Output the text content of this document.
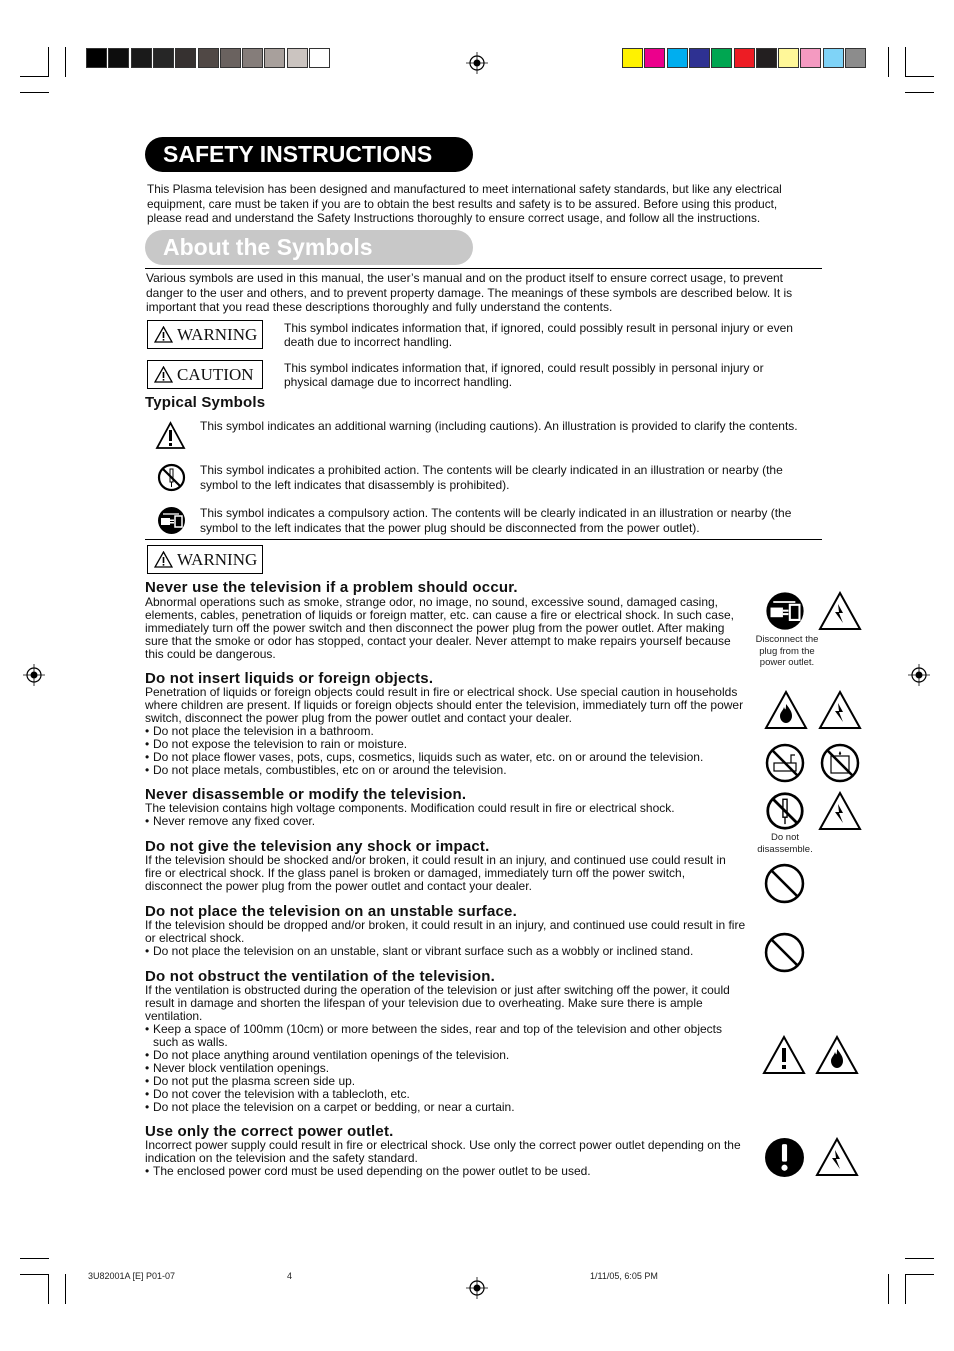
SAFETY INSTRUCTIONS

This Plasma television has been designed and manufactured to meet international safety standards, but like any electrical equipment, care must be taken if you are to obtain the best results and safety is to be assured. Before using this product, please read and understand the Safety Instructions thoroughly to ensure correct usage, and follow all the instructions.

About the Symbols

Various symbols are used in this manual, the user’s manual and on the product itself to ensure correct usage, to prevent danger to the user and others, and to prevent property damage. The meanings of these symbols are described below. It is important that you read these descriptions thoroughly and fully understand the contents.

WARNING This symbol indicates information that, if ignored, could possibly result in personal injury or even death due to incorrect handling.

CAUTION	This symbol indicates information that, if ignored, could result possibly in personal injury or physical damage due to incorrect handling.

Typical Symbols

This symbol indicates an additional warning (including cautions). An illustration is provided to clarify the contents.

This symbol indicates a prohibited action. The contents will be clearly indicated in an illustration or nearby (the symbol to the left indicates that disassembly is prohibited).

This symbol indicates a compulsory action. The contents will be clearly indicated in an illustration or nearby (the symbol to the left indicates that the power plug should be disconnected from the power outlet).

WARNING
Never use the television if a problem should occur.

Abnormal operations such as smoke, strange odor, no image, no sound, excessive sound, damaged casing, elements, cables, penetration of liquids or foreign matter, etc. can cause a fire or electrical shock. In such case, immediately turn off the power switch and then disconnect the power plug from the power outlet. After making sure that the smoke or odor has stopped, contact your dealer. Never attempt to make repairs yourself because this could be dangerous.

Do not insert liquids or foreign objects.
Penetration of liquids or foreign objects could result in fire or electrical shock. Use special caution in households where children are present. If liquids or foreign objects should enter the television, immediately turn off the power switch, disconnect the power plug from the power outlet and contact your dealer.
• Do not place the television in a bathroom.
• Do not expose the television to rain or moisture.
• Do not place flower vases, pots, cups, cosmetics, liquids such as water, etc. on or around the television.
• Do not place metals, combustibles, etc on or around the television.
Never disassemble or modify the television.
The television contains high voltage components. Modification could result in fire or electrical shock.
• Never remove any fixed cover.
Do not give the television any shock or impact.

If the television should be shocked and/or broken, it could result in an injury, and continued use could result in fire or electrical shock. If the glass panel is broken or damaged, immediately turn off the power switch, disconnect the power plug from the power outlet and contact your dealer.

Do not place the television on an unstable surface.
If the television should be dropped and/or broken, it could result in an injury, and continued use could result in fire or electrical shock.
• Do not place the television on an unstable, slant or vibrant surface such as a wobbly or inclined stand.
Do not obstruct the ventilation of the television.
If the ventilation is obstructed during the operation of the television or just after switching off the power, it could result in damage and shorten the lifespan of your television due to overheating. Make sure there is ample ventilation.
• Keep a space of 100mm (10cm) or more between the sides, rear and top of the television and other objects such as walls.
• Do not place anything around ventilation openings of the television.
• Never block ventilation openings.
• Do not put the plasma screen side up.
• Do not cover the television with a tablecloth, etc.
• Do not place the television on a carpet or bedding, or near a curtain.
Use only the correct power outlet.
Incorrect power supply could result in fire or electrical shock. Use only the correct power outlet depending on the indication on the television and the safety standard.
• The enclosed power cord must be used depending on the power outlet to be used.
Disconnect the plug from the power outlet.
Do not disassemble.
3U82001A [E] P01-07	4	1/11/05, 6:05 PM
